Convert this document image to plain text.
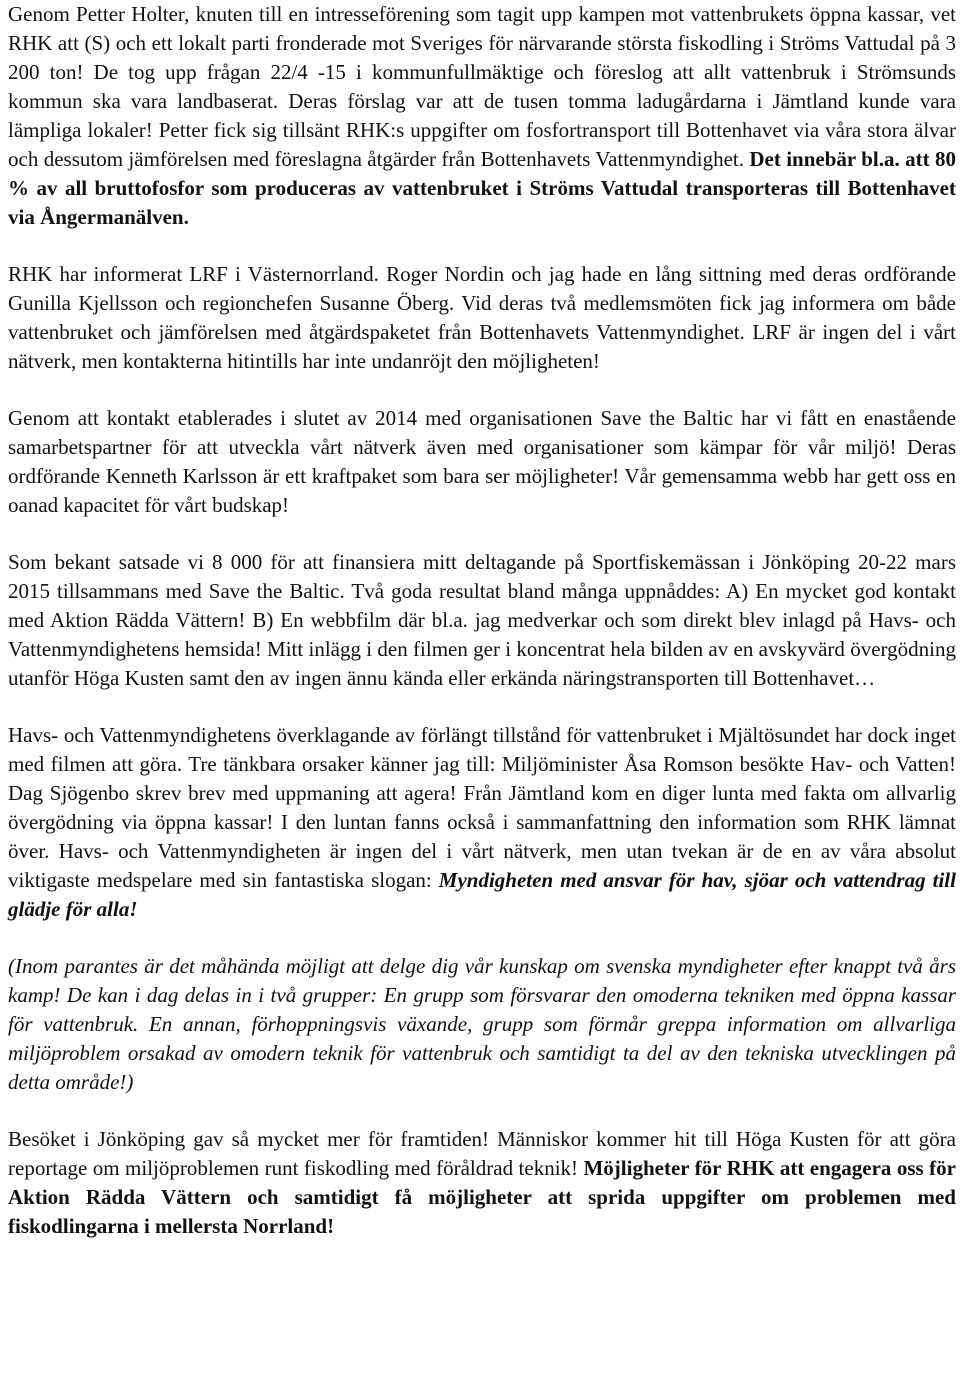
Genom Petter Holter, knuten till en intresseförening som tagit upp kampen mot vattenbrukets öppna kassar, vet RHK att (S) och ett lokalt parti fronderade mot Sveriges för närvarande största fiskodling i Ströms Vattudal på 3 200 ton! De tog upp frågan 22/4 -15 i kommunfullmäktige och föreslog att allt vattenbruk i Strömsunds kommun ska vara landbaserat. Deras förslag var att de tusen tomma ladugårdarna i Jämtland kunde vara lämpliga lokaler! Petter fick sig tillsänt RHK:s uppgifter om fosfortransport till Bottenhavet via våra stora älvar och dessutom jämförelsen med föreslagna åtgärder från Bottenhavets Vattenmyndighet. Det innebär bl.a. att 80 % av all bruttofosfor som produceras av vattenbruket i Ströms Vattudal transporteras till Bottenhavet via Ångermanälven.

RHK har informerat LRF i Västernorrland. Roger Nordin och jag hade en lång sittning med deras ordförande Gunilla Kjellsson och regionchefen Susanne Öberg. Vid deras två medlemsmöten fick jag informera om både vattenbruket och jämförelsen med åtgärdspaketet från Bottenhavets Vattenmyndighet. LRF är ingen del i vårt nätverk, men kontakterna hitintills har inte undanröjt den möjligheten!

Genom att kontakt etablerades i slutet av 2014 med organisationen Save the Baltic har vi fått en enastående samarbetspartner för att utveckla vårt nätverk även med organisationer som kämpar för vår miljö! Deras ordförande Kenneth Karlsson är ett kraftpaket som bara ser möjligheter! Vår gemensamma webb har gett oss en oanad kapacitet för vårt budskap!

Som bekant satsade vi 8 000 för att finansiera mitt deltagande på Sportfiskemässan i Jönköping 20-22 mars 2015 tillsammans med Save the Baltic. Två goda resultat bland många uppnåddes: A) En mycket god kontakt med Aktion Rädda Vättern! B) En webbfilm där bl.a. jag medverkar och som direkt blev inlagd på Havs- och Vattenmyndighetens hemsida! Mitt inlägg i den filmen ger i koncentrat hela bilden av en avskyvärd övergödning utanför Höga Kusten samt den av ingen ännu kända eller erkända näringstransporten till Bottenhavet…

Havs- och Vattenmyndighetens överklagande av förlängt tillstånd för vattenbruket i Mjältösundet har dock inget med filmen att göra. Tre tänkbara orsaker känner jag till: Miljöminister Åsa Romson besökte Hav- och Vatten! Dag Sjögenbo skrev brev med uppmaning att agera! Från Jämtland kom en diger lunta med fakta om allvarlig övergödning via öppna kassar! I den luntan fanns också i sammanfattning den information som RHK lämnat över. Havs- och Vattenmyndigheten är ingen del i vårt nätverk, men utan tvekan är de en av våra absolut viktigaste medspelare med sin fantastiska slogan: Myndigheten med ansvar för hav, sjöar och vattendrag till glädje för alla!

(Inom parantes är det måhända möjligt att delge dig vår kunskap om svenska myndigheter efter knappt två års kamp! De kan i dag delas in i två grupper: En grupp som försvarar den omoderna tekniken med öppna kassar för vattenbruk. En annan, förhoppningsvis växande, grupp som förmår greppa information om allvarliga miljöproblem orsakad av omodern teknik för vattenbruk och samtidigt ta del av den tekniska utvecklingen på detta område!)

Besöket i Jönköping gav så mycket mer för framtiden! Människor kommer hit till Höga Kusten för att göra reportage om miljöproblemen runt fiskodling med föråldrad teknik! Möjligheter för RHK att engagera oss för Aktion Rädda Vättern och samtidigt få möjligheter att sprida uppgifter om problemen med fiskodlingarna i mellersta Norrland!
